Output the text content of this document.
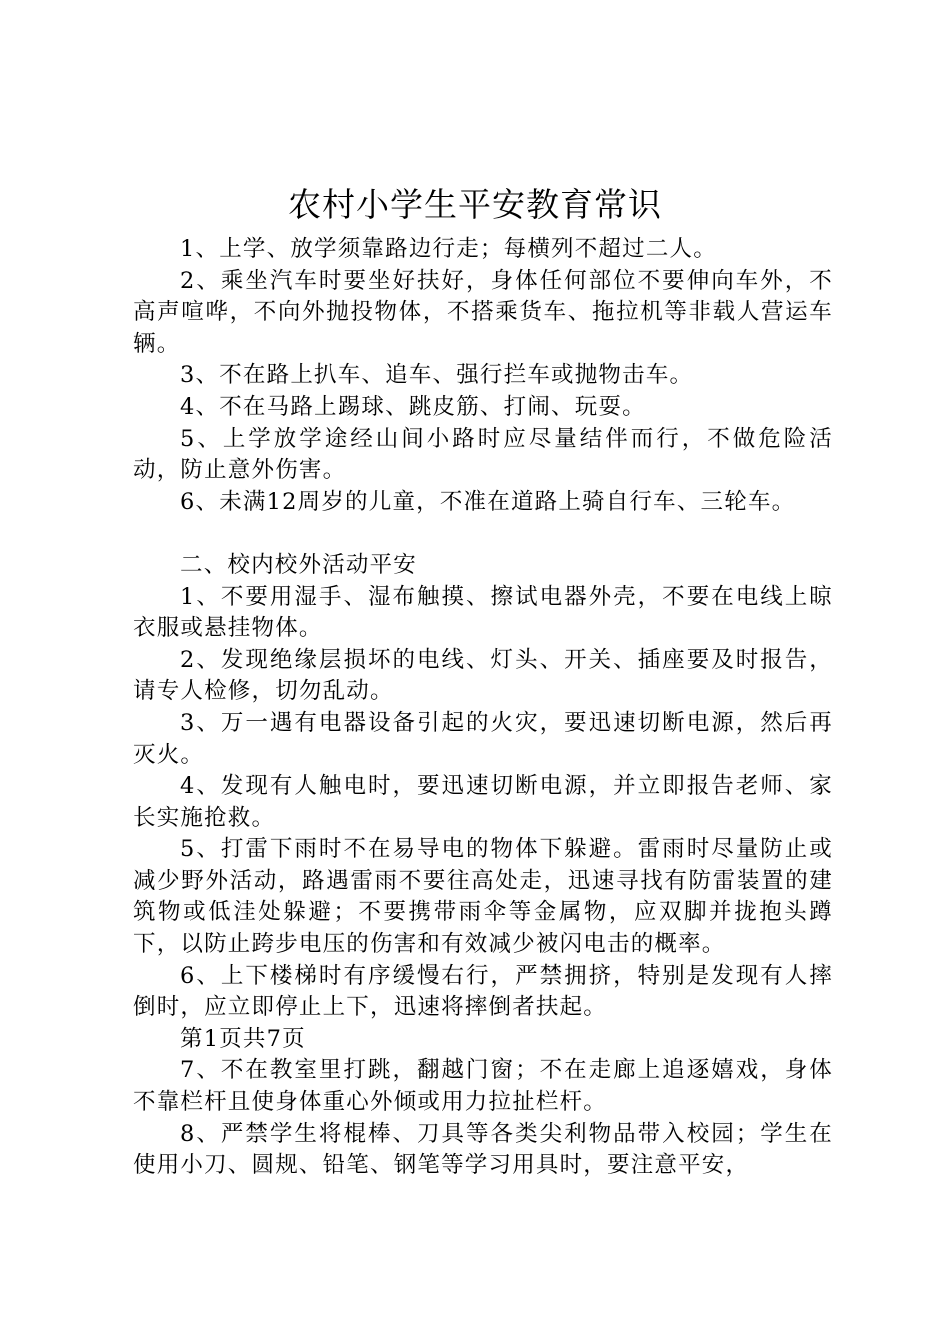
农村小学生平安教育常识

1、上学、放学须靠路边行走；每横列不超过二人。

2、乘坐汽车时要坐好扶好，身体任何部位不要伸向车外，不高声喧哗，不向外抛投物体，不搭乘货车、拖拉机等非载人营运车辆。

3、不在路上扒车、追车、强行拦车或抛物击车。

4、不在马路上踢球、跳皮筋、打闹、玩耍。

5、上学放学途经山间小路时应尽量结伴而行，不做危险活动，防止意外伤害。

6、未满12周岁的儿童，不准在道路上骑自行车、三轮车。

二、校内校外活动平安

1、不要用湿手、湿布触摸、擦试电器外壳，不要在电线上晾衣服或悬挂物体。

2、发现绝缘层损坏的电线、灯头、开关、插座要及时报告，请专人检修，切勿乱动。

3、万一遇有电器设备引起的火灾，要迅速切断电源，然后再灭火。

4、发现有人触电时，要迅速切断电源，并立即报告老师、家长实施抢救。

5、打雷下雨时不在易导电的物体下躲避。雷雨时尽量防止或减少野外活动，路遇雷雨不要往高处走，迅速寻找有防雷装置的建筑物或低洼处躲避；不要携带雨伞等金属物，应双脚并拢抱头蹲下，以防止跨步电压的伤害和有效减少被闪电击的概率。

6、上下楼梯时有序缓慢右行，严禁拥挤，特别是发现有人摔倒时，应立即停止上下，迅速将摔倒者扶起。

第1页共7页

7、不在教室里打跳，翻越门窗；不在走廊上追逐嬉戏，身体不靠栏杆且使身体重心外倾或用力拉扯栏杆。

8、严禁学生将棍棒、刀具等各类尖利物品带入校园；学生在使用小刀、圆规、铅笔、钢笔等学习用具时，要注意平安，
